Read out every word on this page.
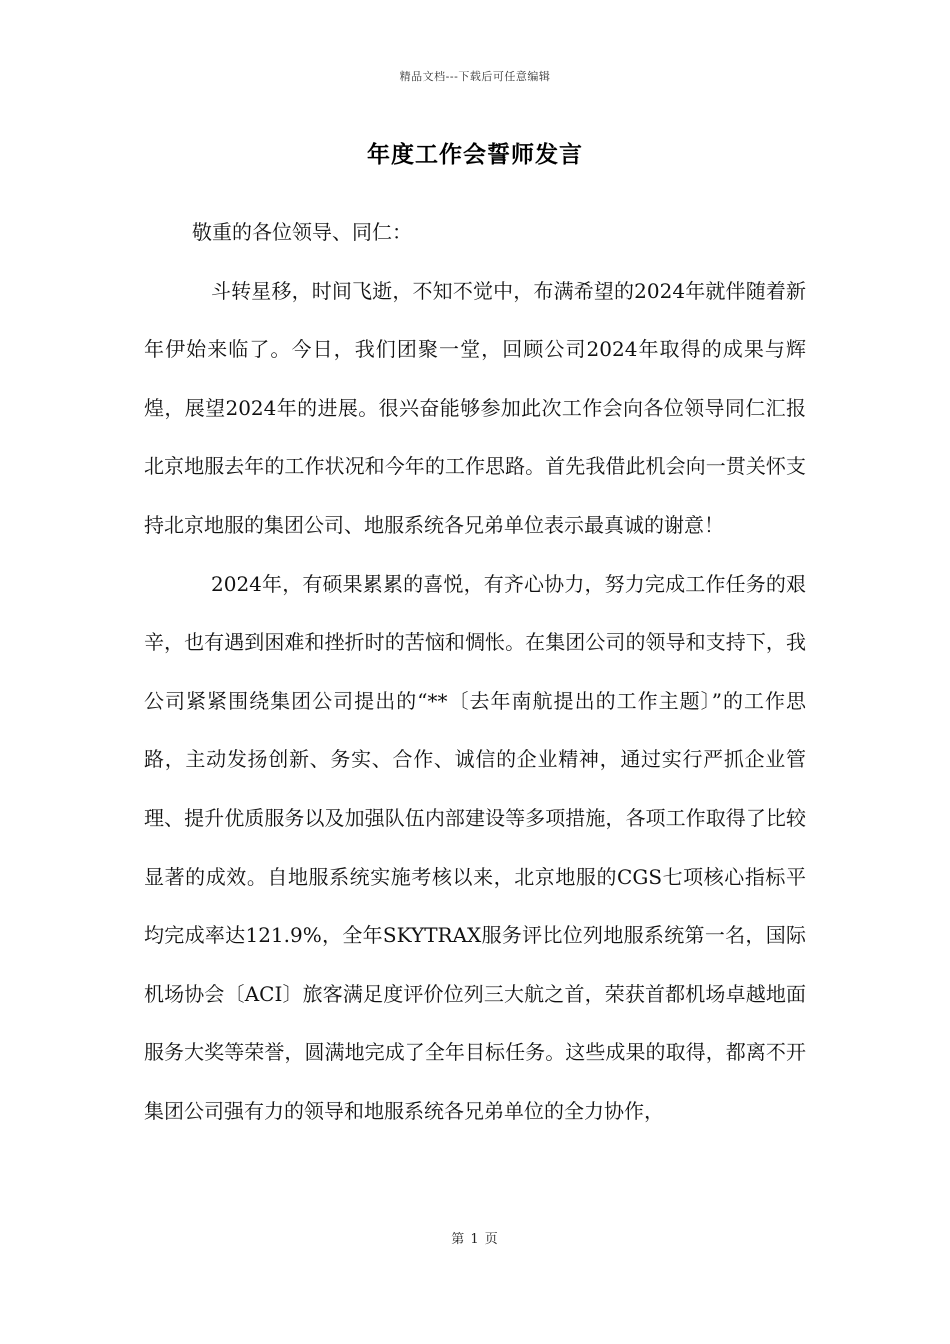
精品文档---下载后可任意编辑
年度工作会誓师发言

敬重的各位领导、同仁：

斗转星移，时间飞逝，不知不觉中，布满希望的2024年就伴随着新年伊始来临了。今日，我们团聚一堂，回顾公司2024年取得的成果与辉煌，展望2024年的进展。很兴奋能够参加此次工作会向各位领导同仁汇报北京地服去年的工作状况和今年的工作思路。首先我借此机会向一贯关怀支持北京地服的集团公司、地服系统各兄弟单位表示最真诚的谢意！

2024年，有硕果累累的喜悦，有齐心协力，努力完成工作任务的艰辛，也有遇到困难和挫折时的苦恼和惆怅。在集团公司的领导和支持下，我公司紧紧围绕集团公司提出的“**〔去年南航提出的工作主题〕”的工作思路，主动发扬创新、务实、合作、诚信的企业精神，通过实行严抓企业管理、提升优质服务以及加强队伍内部建设等多项措施，各项工作取得了比较显著的成效。自地服系统实施考核以来，北京地服的CGS七项核心指标平均完成率达121.9%，全年SKYTRAX服务评比位列地服系统第一名，国际机场协会〔ACI〕旅客满足度评价位列三大航之首，荣获首都机场卓越地面服务大奖等荣誉，圆满地完成了全年目标任务。这些成果的取得，都离不开集团公司强有力的领导和地服系统各兄弟单位的全力协作，

第 1 页
